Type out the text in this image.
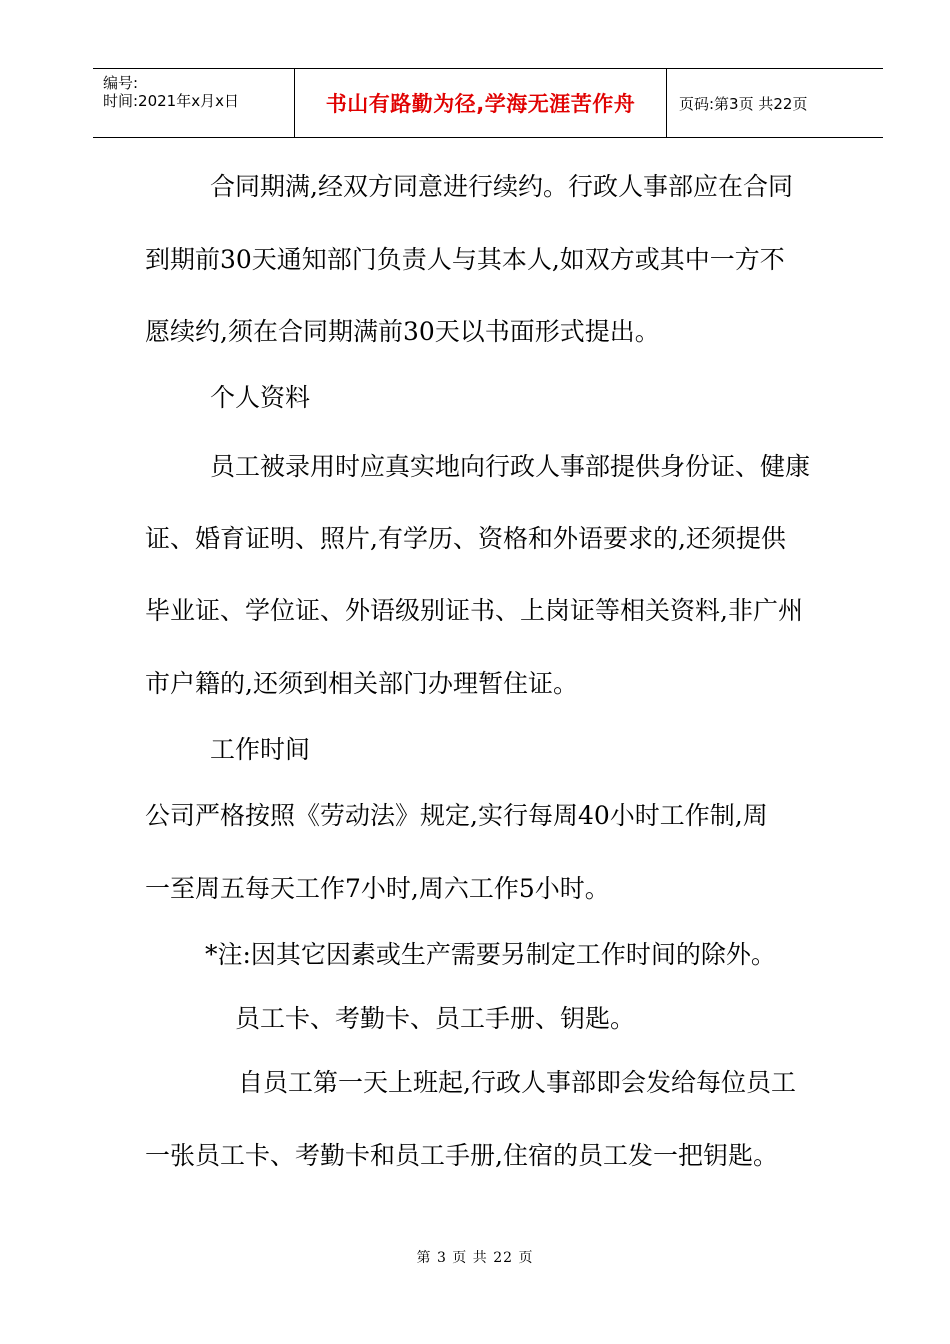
编号:
时间:2021年x月x日	书山有路勤为径,学海无涯苦作舟	页码:第3页 共22页
合同期满,经双方同意进行续约。行政人事部应在合同
到期前30天通知部门负责人与其本人,如双方或其中一方不
愿续约,须在合同期满前30天以书面形式提出。
个人资料
员工被录用时应真实地向行政人事部提供身份证、健康
证、婚育证明、照片,有学历、资格和外语要求的,还须提供
毕业证、学位证、外语级别证书、上岗证等相关资料,非广州
市户籍的,还须到相关部门办理暂住证。
工作时间
公司严格按照《劳动法》规定,实行每周40小时工作制,周
一至周五每天工作7小时,周六工作5小时。
*注:因其它因素或生产需要另制定工作时间的除外。
员工卡、考勤卡、员工手册、钥匙。
自员工第一天上班起,行政人事部即会发给每位员工
一张员工卡、考勤卡和员工手册,住宿的员工发一把钥匙。
第 3 页 共 22 页
